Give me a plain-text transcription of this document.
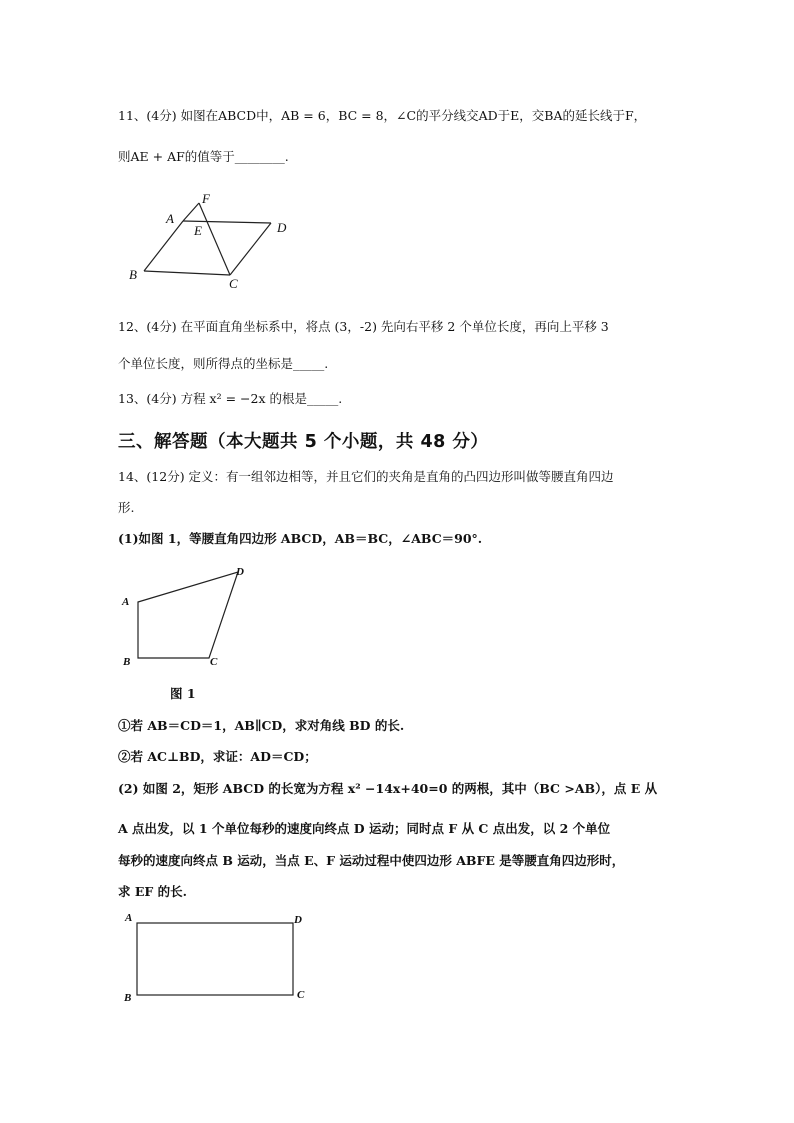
11、(4分) 如图在ABCD中，AB = 6，BC = 8，∠C的平分线交AD于E，交BA的延长线于F，
则AE + AF的值等于________.
F
A
E	D
B
C
12、(4分) 在平面直角坐标系中，将点 (3，-2) 先向右平移 2 个单位长度，再向上平移 3
个单位长度，则所得点的坐标是_____.
13、(4分) 方程 x² = −2x 的根是_____.
三、解答题（本大题共 5 个小题，共 48 分）
14、(12分) 定义：有一组邻边相等，并且它们的夹角是直角的凸四边形叫做等腰直角四边
形.
(1)如图 1，等腰直角四边形 ABCD，AB＝BC，∠ABC＝90°.
A
D
B	C
图 1
①若 AB＝CD＝1，AB∥CD，求对角线 BD 的长.
②若 AC⊥BD，求证：AD＝CD；
(2) 如图 2，矩形 ABCD 的长宽为方程 x² −14x+40=0 的两根，其中（BC >AB），点 E 从
A 点出发，以 1 个单位每秒的速度向终点 D 运动；同时点 F 从 C 点出发，以 2 个单位
每秒的速度向终点 B 运动，当点 E、F 运动过程中使四边形 ABFE 是等腰直角四边形时，
求 EF 的长.
A	D
B	C
